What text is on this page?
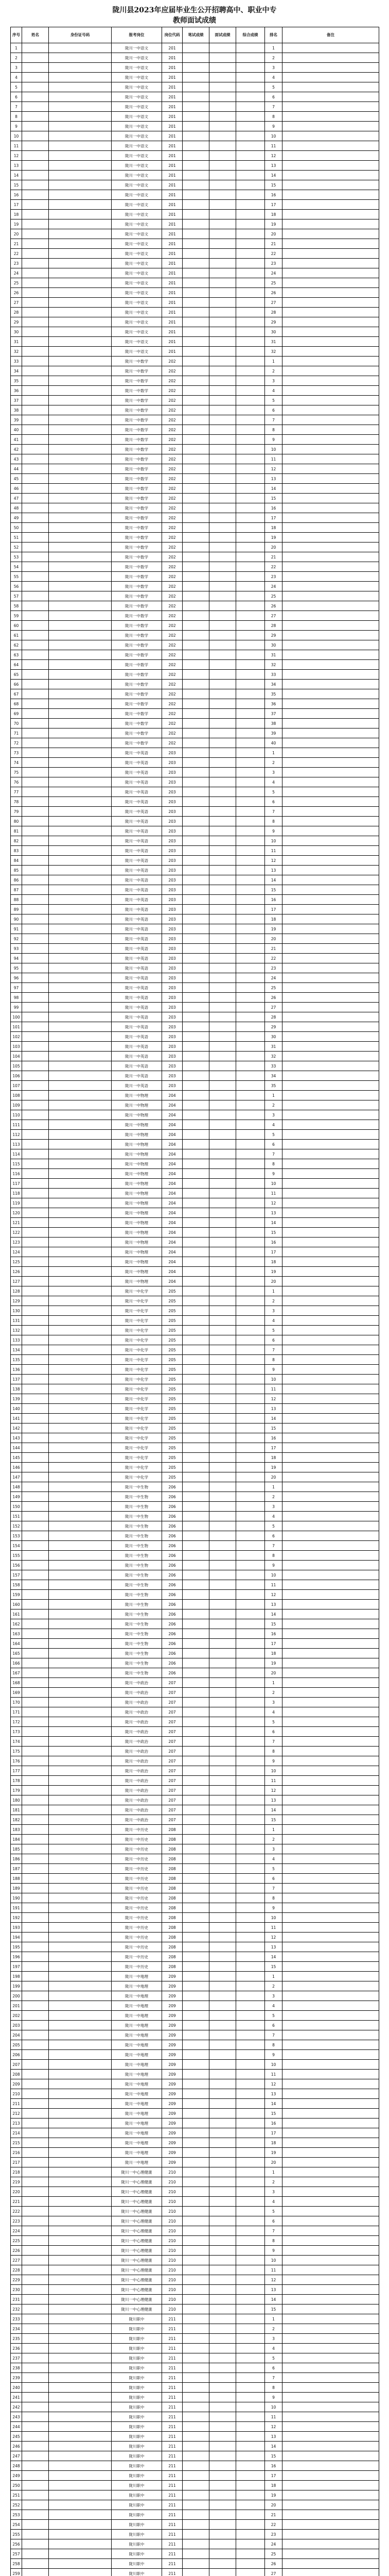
陇川县2023年应届毕业生公开招聘高中、职业中专
教师面试成绩
序号	姓名	身份证号码	报考岗位	岗位代码	笔试成绩	面试成绩	综合成绩	排名	备注
1			陇川一中语文	201				1	
2			陇川一中语文	201				2	
3			陇川一中语文	201				3	
4			陇川一中语文	201				4	
5			陇川一中语文	201				5	
6			陇川一中语文	201				6	
7			陇川一中语文	201				7	
8			陇川一中语文	201				8	
9			陇川一中语文	201				9	
10			陇川一中语文	201				10	
11			陇川一中语文	201				11	
12			陇川一中语文	201				12	
13			陇川一中语文	201				13	
14			陇川一中语文	201				14	
15			陇川一中语文	201				15	
16			陇川一中语文	201				16	
17			陇川一中语文	201				17	
18			陇川一中语文	201				18	
19			陇川一中语文	201				19	
20			陇川一中语文	201				20	
21			陇川一中语文	201				21	
22			陇川一中语文	201				22	
23			陇川一中语文	201				23	
24			陇川一中语文	201				24	
25			陇川一中语文	201				25	
26			陇川一中语文	201				26	
27			陇川一中语文	201				27	
28			陇川一中语文	201				28	
29			陇川一中语文	201				29	
30			陇川一中语文	201				30	
31			陇川一中语文	201				31	
32			陇川一中语文	201				32	
33			陇川一中数学	202				1	
34			陇川一中数学	202				2	
35			陇川一中数学	202				3	
36			陇川一中数学	202				4	
37			陇川一中数学	202				5	
38			陇川一中数学	202				6	
39			陇川一中数学	202				7	
40			陇川一中数学	202				8	
41			陇川一中数学	202				9	
42			陇川一中数学	202				10	
43			陇川一中数学	202				11	
44			陇川一中数学	202				12	
45			陇川一中数学	202				13	
46			陇川一中数学	202				14	
47			陇川一中数学	202				15	
48			陇川一中数学	202				16	
49			陇川一中数学	202				17	
50			陇川一中数学	202				18	
51			陇川一中数学	202				19	
52			陇川一中数学	202				20	
53			陇川一中数学	202				21	
54			陇川一中数学	202				22	
55			陇川一中数学	202				23	
56			陇川一中数学	202				24	
57			陇川一中数学	202				25	
58			陇川一中数学	202				26	
59			陇川一中数学	202				27	
60			陇川一中数学	202				28	
61			陇川一中数学	202				29	
62			陇川一中数学	202				30	
63			陇川一中数学	202				31	
64			陇川一中数学	202				32	
65			陇川一中数学	202				33	
66			陇川一中数学	202				34	
67			陇川一中数学	202				35	
68			陇川一中数学	202				36	
69			陇川一中数学	202				37	
70			陇川一中数学	202				38	
71			陇川一中数学	202				39	
72			陇川一中数学	202				40	
73			陇川一中英语	203				1	
74			陇川一中英语	203				2	
75			陇川一中英语	203				3	
76			陇川一中英语	203				4	
77			陇川一中英语	203				5	
78			陇川一中英语	203				6	
79			陇川一中英语	203				7	
80			陇川一中英语	203				8	
81			陇川一中英语	203				9	
82			陇川一中英语	203				10	
83			陇川一中英语	203				11	
84			陇川一中英语	203				12	
85			陇川一中英语	203				13	
86			陇川一中英语	203				14	
87			陇川一中英语	203				15	
88			陇川一中英语	203				16	
89			陇川一中英语	203				17	
90			陇川一中英语	203				18	
91			陇川一中英语	203				19	
92			陇川一中英语	203				20	
93			陇川一中英语	203				21	
94			陇川一中英语	203				22	
95			陇川一中英语	203				23	
96			陇川一中英语	203				24	
97			陇川一中英语	203				25	
98			陇川一中英语	203				26	
99			陇川一中英语	203				27	
100			陇川一中英语	203				28	
101			陇川一中英语	203				29	
102			陇川一中英语	203				30	
103			陇川一中英语	203				31	
104			陇川一中英语	203				32	
105			陇川一中英语	203				33	
106			陇川一中英语	203				34	
107			陇川一中英语	203				35	
108			陇川一中物理	204				1	
109			陇川一中物理	204				2	
110			陇川一中物理	204				3	
111			陇川一中物理	204				4	
112			陇川一中物理	204				5	
113			陇川一中物理	204				6	
114			陇川一中物理	204				7	
115			陇川一中物理	204				8	
116			陇川一中物理	204				9	
117			陇川一中物理	204				10	
118			陇川一中物理	204				11	
119			陇川一中物理	204				12	
120			陇川一中物理	204				13	
121			陇川一中物理	204				14	
122			陇川一中物理	204				15	
123			陇川一中物理	204				16	
124			陇川一中物理	204				17	
125			陇川一中物理	204				18	
126			陇川一中物理	204				19	
127			陇川一中物理	204				20	
128			陇川一中化学	205				1	
129			陇川一中化学	205				2	
130			陇川一中化学	205				3	
131			陇川一中化学	205				4	
132			陇川一中化学	205				5	
133			陇川一中化学	205				6	
134			陇川一中化学	205				7	
135			陇川一中化学	205				8	
136			陇川一中化学	205				9	
137			陇川一中化学	205				10	
138			陇川一中化学	205				11	
139			陇川一中化学	205				12	
140			陇川一中化学	205				13	
141			陇川一中化学	205				14	
142			陇川一中化学	205				15	
143			陇川一中化学	205				16	
144			陇川一中化学	205				17	
145			陇川一中化学	205				18	
146			陇川一中化学	205				19	
147			陇川一中化学	205				20	
148			陇川一中生物	206				1	
149			陇川一中生物	206				2	
150			陇川一中生物	206				3	
151			陇川一中生物	206				4	
152			陇川一中生物	206				5	
153			陇川一中生物	206				6	
154			陇川一中生物	206				7	
155			陇川一中生物	206				8	
156			陇川一中生物	206				9	
157			陇川一中生物	206				10	
158			陇川一中生物	206				11	
159			陇川一中生物	206				12	
160			陇川一中生物	206				13	
161			陇川一中生物	206				14	
162			陇川一中生物	206				15	
163			陇川一中生物	206				16	
164			陇川一中生物	206				17	
165			陇川一中生物	206				18	
166			陇川一中生物	206				19	
167			陇川一中生物	206				20	
168			陇川一中政治	207				1	
169			陇川一中政治	207				2	
170			陇川一中政治	207				3	
171			陇川一中政治	207				4	
172			陇川一中政治	207				5	
173			陇川一中政治	207				6	
174			陇川一中政治	207				7	
175			陇川一中政治	207				8	
176			陇川一中政治	207				9	
177			陇川一中政治	207				10	
178			陇川一中政治	207				11	
179			陇川一中政治	207				12	
180			陇川一中政治	207				13	
181			陇川一中政治	207				14	
182			陇川一中政治	207				15	
183			陇川一中历史	208				1	
184			陇川一中历史	208				2	
185			陇川一中历史	208				3	
186			陇川一中历史	208				4	
187			陇川一中历史	208				5	
188			陇川一中历史	208				6	
189			陇川一中历史	208				7	
190			陇川一中历史	208				8	
191			陇川一中历史	208				9	
192			陇川一中历史	208				10	
193			陇川一中历史	208				11	
194			陇川一中历史	208				12	
195			陇川一中历史	208				13	
196			陇川一中历史	208				14	
197			陇川一中历史	208				15	
198			陇川一中地理	209				1	
199			陇川一中地理	209				2	
200			陇川一中地理	209				3	
201			陇川一中地理	209				4	
202			陇川一中地理	209				5	
203			陇川一中地理	209				6	
204			陇川一中地理	209				7	
205			陇川一中地理	209				8	
206			陇川一中地理	209				9	
207			陇川一中地理	209				10	
208			陇川一中地理	209				11	
209			陇川一中地理	209				12	
210			陇川一中地理	209				13	
211			陇川一中地理	209				14	
212			陇川一中地理	209				15	
213			陇川一中地理	209				16	
214			陇川一中地理	209				17	
215			陇川一中地理	209				18	
216			陇川一中地理	209				19	
217			陇川一中地理	209				20	
218			陇川一中心理健康	210				1	
219			陇川一中心理健康	210				2	
220			陇川一中心理健康	210				3	
221			陇川一中心理健康	210				4	
222			陇川一中心理健康	210				5	
223			陇川一中心理健康	210				6	
224			陇川一中心理健康	210				7	
225			陇川一中心理健康	210				8	
226			陇川一中心理健康	210				9	
227			陇川一中心理健康	210				10	
228			陇川一中心理健康	210				11	
229			陇川一中心理健康	210				12	
230			陇川一中心理健康	210				13	
231			陇川一中心理健康	210				14	
232			陇川一中心理健康	210				15	
233			陇川职中	211				1	
234			陇川职中	211				2	
235			陇川职中	211				3	
236			陇川职中	211				4	
237			陇川职中	211				5	
238			陇川职中	211				6	
239			陇川职中	211				7	
240			陇川职中	211				8	
241			陇川职中	211				9	
242			陇川职中	211				10	
243			陇川职中	211				11	
244			陇川职中	211				12	
245			陇川职中	211				13	
246			陇川职中	211				14	
247			陇川职中	211				15	
248			陇川职中	211				16	
249			陇川职中	211				17	
250			陇川职中	211				18	
251			陇川职中	211				19	
252			陇川职中	211				20	
253			陇川职中	211				21	
254			陇川职中	211				22	
255			陇川职中	211				23	
256			陇川职中	211				24	
257			陇川职中	211				25	
258			陇川职中	211				26	
259			陇川职中	211				27	
